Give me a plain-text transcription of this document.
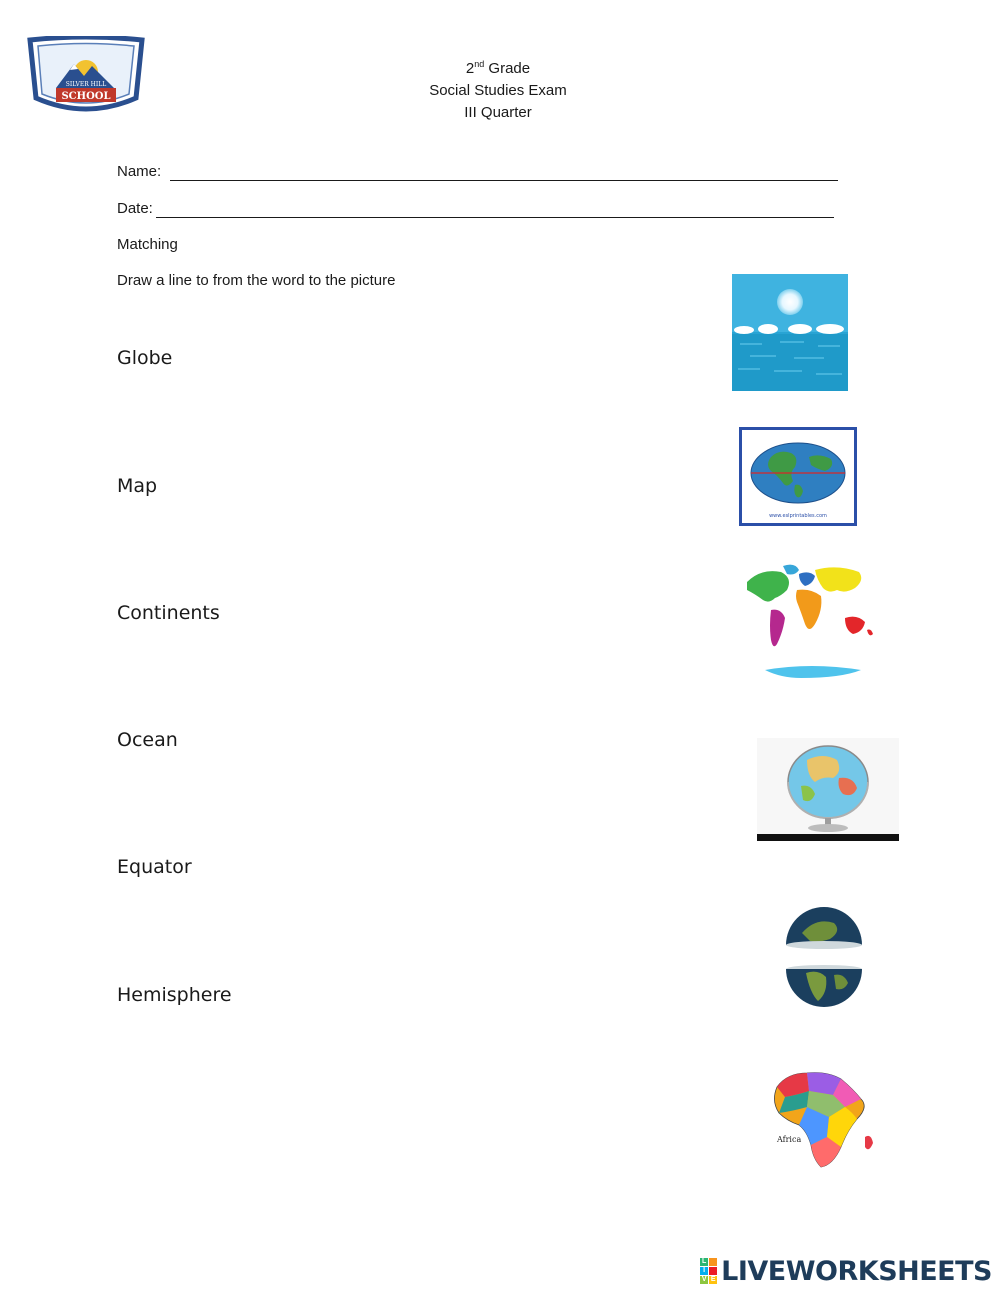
SCHOOL
SILVER HILL
2nd Grade
Social Studies Exam
III Quarter
Name:
Date:
Matching
Draw a line to from the word to the picture
Globe
Map
Continents
Ocean
Equator
Hemisphere
www.eslprintables.com
Africa
L
I
V E LIVEWORKSHEETS
